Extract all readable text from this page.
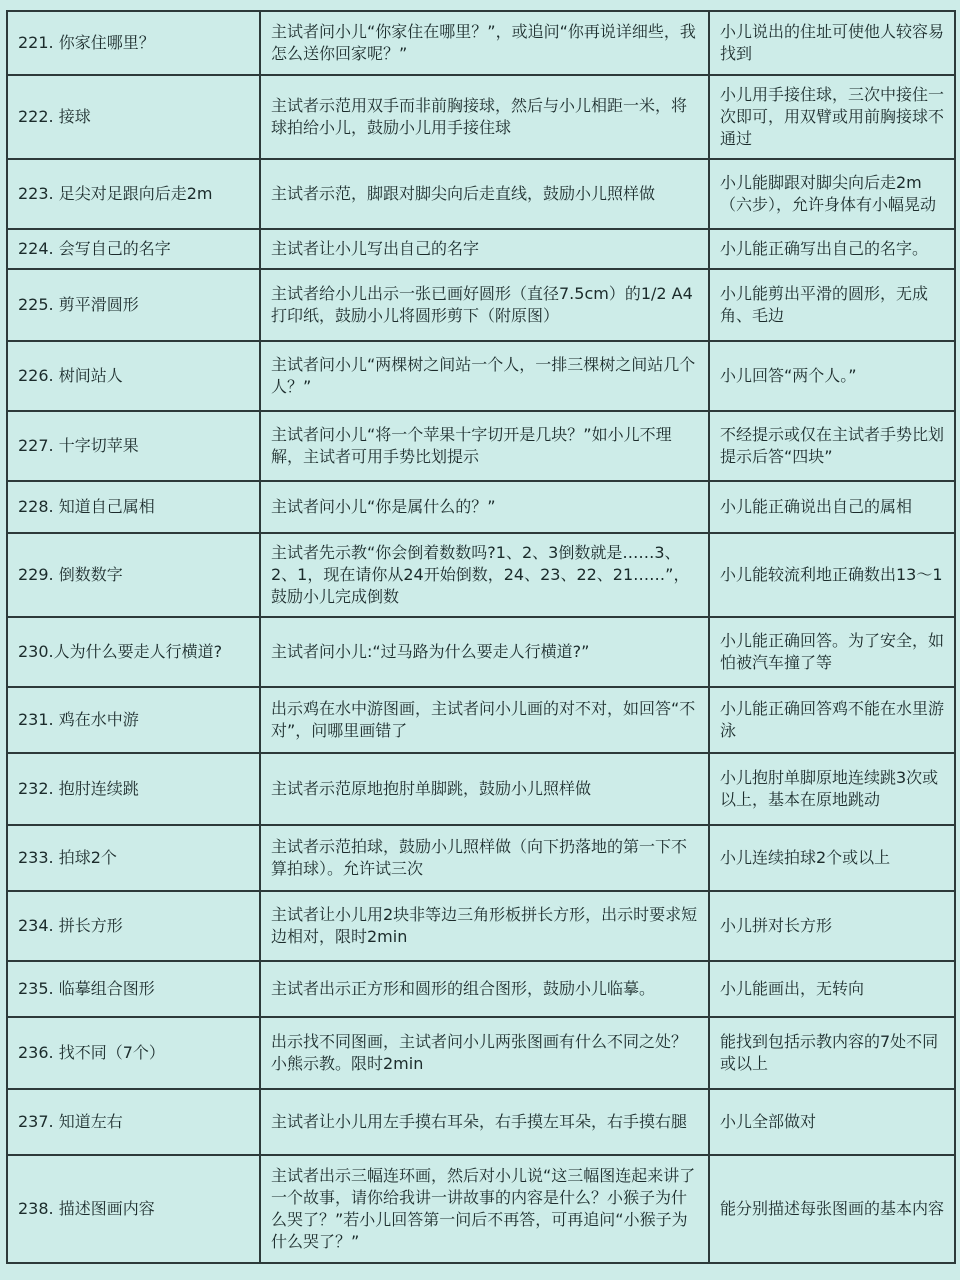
221. 你家住哪里？	主试者问小儿“你家住在哪里？”，或追问“你再说详细些，我怎么送你回家呢？”	小儿说出的住址可使他人较容易找到
222. 接球	主试者示范用双手而非前胸接球，然后与小儿相距一米，将球拍给小儿，鼓励小儿用手接住球	小儿用手接住球，三次中接住一次即可，用双臂或用前胸接球不通过
223. 足尖对足跟向后走2m	主试者示范，脚跟对脚尖向后走直线，鼓励小儿照样做	小儿能脚跟对脚尖向后走2m（六步），允许身体有小幅晃动
224. 会写自己的名字	主试者让小儿写出自己的名字	小儿能正确写出自己的名字。
225. 剪平滑圆形	主试者给小儿出示一张已画好圆形（直径7.5cm）的1/2 A4打印纸，鼓励小儿将圆形剪下（附原图）	小儿能剪出平滑的圆形，无成角、毛边
226. 树间站人	主试者问小儿“两棵树之间站一个人，一排三棵树之间站几个人？”	小儿回答“两个人。”
227. 十字切苹果	主试者问小儿“将一个苹果十字切开是几块？”如小儿不理解，主试者可用手势比划提示	不经提示或仅在主试者手势比划提示后答“四块”
228. 知道自己属相	主试者问小儿“你是属什么的？”	小儿能正确说出自己的属相
229. 倒数数字	主试者先示教“你会倒着数数吗?1、2、3倒数就是……3、2、1，现在请你从24开始倒数，24、23、22、21……”，鼓励小儿完成倒数	小儿能较流利地正确数出13～1
230.人为什么要走人行横道?	主试者问小儿:“过马路为什么要走人行横道?”	小儿能正确回答。为了安全，如怕被汽车撞了等
231. 鸡在水中游	出示鸡在水中游图画，主试者问小儿画的对不对，如回答“不对”，问哪里画错了	小儿能正确回答鸡不能在水里游泳
232. 抱肘连续跳	主试者示范原地抱肘单脚跳，鼓励小儿照样做	小儿抱肘单脚原地连续跳3次或以上，基本在原地跳动
233. 拍球2个	主试者示范拍球，鼓励小儿照样做（向下扔落地的第一下不算拍球）。允许试三次	小儿连续拍球2个或以上
234. 拼长方形	主试者让小儿用2块非等边三角形板拼长方形，出示时要求短边相对，限时2min	小儿拼对长方形
235. 临摹组合图形	主试者出示正方形和圆形的组合图形，鼓励小儿临摹。	小儿能画出，无转向
236. 找不同（7个）	出示找不同图画，主试者问小儿两张图画有什么不同之处？小熊示教。限时2min	能找到包括示教内容的7处不同或以上
237. 知道左右	主试者让小儿用左手摸右耳朵，右手摸左耳朵，右手摸右腿	小儿全部做对
238. 描述图画内容	主试者出示三幅连环画，然后对小儿说“这三幅图连起来讲了一个故事，请你给我讲一讲故事的内容是什么？小猴子为什么哭了？”若小儿回答第一问后不再答，可再追问“小猴子为什么哭了？”	能分别描述每张图画的基本内容
